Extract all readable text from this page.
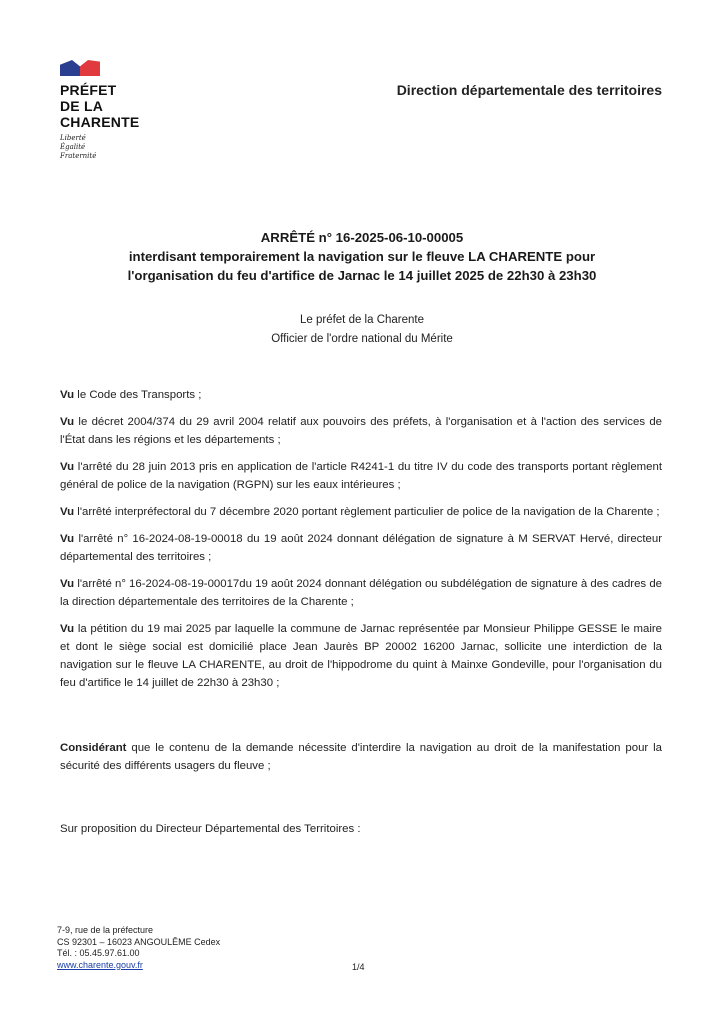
PRÉFET
DE LA
CHARENTE
Liberté
Égalité
Fraternité
Direction départementale des territoires
ARRÊTÉ n° 16-2025-06-10-00005
interdisant temporairement la navigation sur le fleuve LA CHARENTE pour
l'organisation du feu d'artifice de Jarnac le 14 juillet 2025 de 22h30 à 23h30
Le préfet de la Charente
Officier de l'ordre national du Mérite

Vu le Code des Transports ;

Vu le décret 2004/374 du 29 avril 2004 relatif aux pouvoirs des préfets, à l'organisation et à l'action des services de l'État dans les régions et les départements ;

Vu l'arrêté du 28 juin 2013 pris en application de l'article R4241-1 du titre IV du code des transports portant règlement général de police de la navigation (RGPN) sur les eaux intérieures ;

Vu l'arrêté interpréfectoral du 7 décembre 2020 portant règlement particulier de police de la navigation de la Charente ;

Vu l'arrêté n° 16-2024-08-19-00018 du 19 août 2024 donnant délégation de signature à M SERVAT Hervé, directeur départemental des territoires ;

Vu l'arrêté n° 16-2024-08-19-00017du 19 août 2024 donnant délégation ou subdélégation de signature à des cadres de la direction départementale des territoires de la Charente ;

Vu la pétition du 19 mai 2025 par laquelle la commune de Jarnac représentée par Monsieur Philippe GESSE le maire et dont le siège social est domicilié place Jean Jaurès BP 20002 16200 Jarnac, sollicite une interdiction de la navigation sur le fleuve LA CHARENTE, au droit de l'hippodrome du quint à Mainxe Gondeville, pour l'organisation du feu d'artifice le 14 juillet de 22h30 à 23h30 ;

Considérant que le contenu de la demande nécessite d'interdire la navigation au droit de la manifestation pour la sécurité des différents usagers du fleuve ;

Sur proposition du Directeur Départemental des Territoires :
7-9, rue de la préfecture
CS 92301 – 16023 ANGOULÊME Cedex
Tél. : 05.45.97.61.00
www.charente.gouv.fr	1/4
